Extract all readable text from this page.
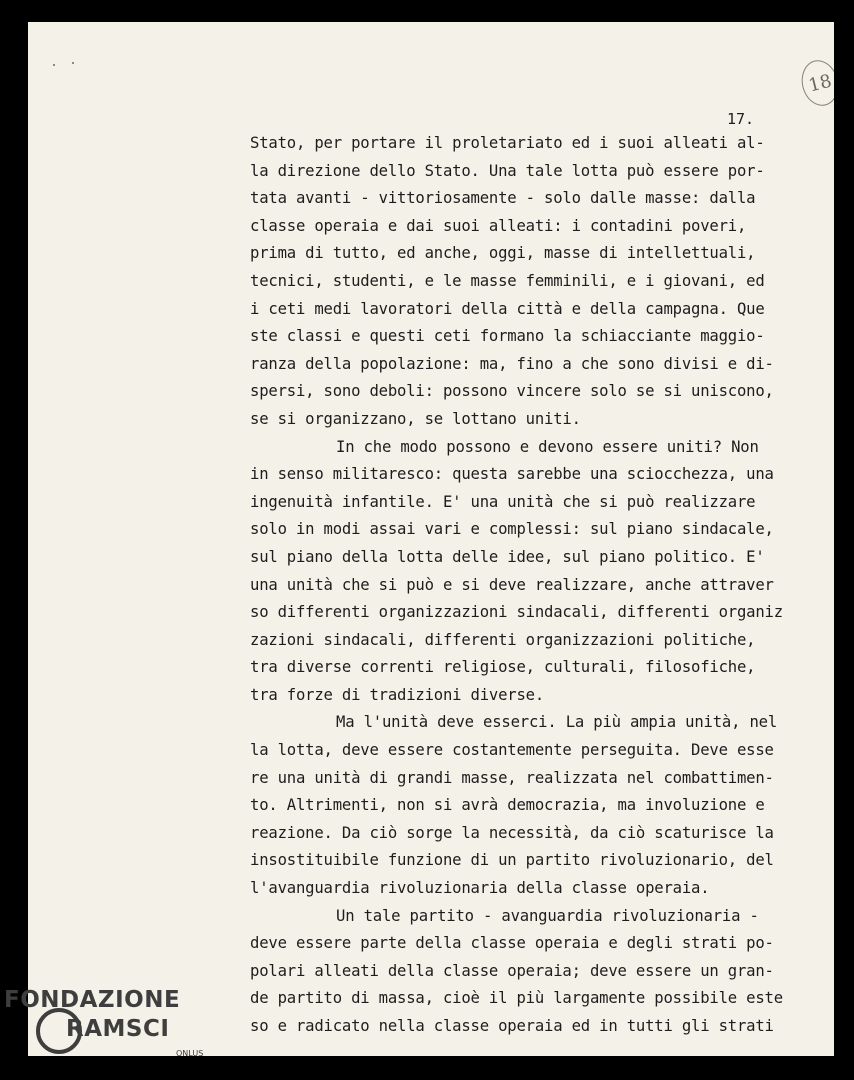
18
17.
Stato, per portare il proletariato ed i suoi alleati al-
la direzione dello Stato. Una tale lotta può essere por-
tata avanti - vittoriosamente - solo dalle masse: dalla
classe operaia e dai suoi alleati: i contadini poveri,
prima di tutto, ed anche, oggi, masse di intellettuali,
tecnici, studenti, e le masse femminili, e i giovani, ed
i ceti medi lavoratori della città e della campagna. Que
ste classi e questi ceti formano la schiacciante maggio-
ranza della popolazione: ma, fino a che sono divisi e di-
spersi, sono deboli: possono vincere solo se si uniscono,
se si organizzano, se lottano uniti.
In che modo possono e devono essere uniti? Non
in senso militaresco: questa sarebbe una sciocchezza, una
ingenuità infantile. E' una unità che si può realizzare
solo in modi assai vari e complessi: sul piano sindacale,
sul piano della lotta delle idee, sul piano politico. E'
una unità che si può e si deve realizzare, anche attraver
so differenti organizzazioni sindacali, differenti organiz
zazioni sindacali, differenti organizzazioni politiche,
tra diverse correnti religiose, culturali, filosofiche,
tra forze di tradizioni diverse.
Ma l'unità deve esserci. La più ampia unità, nel
la lotta, deve essere costantemente perseguita. Deve esse
re una unità di grandi masse, realizzata nel combattimen-
to. Altrimenti, non si avrà democrazia, ma involuzione e
reazione. Da ciò sorge la necessità, da ciò scaturisce la
insostituibile funzione di un partito rivoluzionario, del
l'avanguardia rivoluzionaria della classe operaia.
Un tale partito - avanguardia rivoluzionaria -
deve essere parte della classe operaia e degli strati po-
polari alleati della classe operaia; deve essere un gran-
de partito di massa, cioè il più largamente possibile este
so e radicato nella classe operaia ed in tutti gli strati
FONDAZIONE
RAMSCI
ONLUS
